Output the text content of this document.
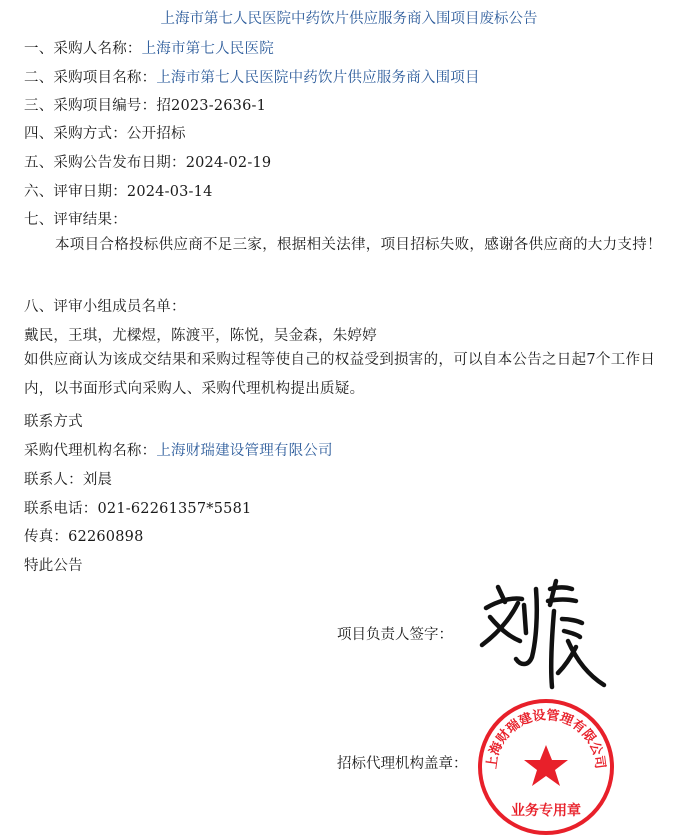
上海市第七人民医院中药饮片供应服务商入围项目废标公告
一、采购人名称：上海市第七人民医院
二、采购项目名称：上海市第七人民医院中药饮片供应服务商入围项目
三、采购项目编号：招2023-2636-1
四、采购方式：公开招标
五、采购公告发布日期：2024-02-19
六、评审日期：2024-03-14
七、评审结果：
本项目合格投标供应商不足三家，根据相关法律，项目招标失败，感谢各供应商的大力支持！
八、评审小组成员名单：
戴民，王琪，尤樑煜，陈渡平，陈悦，吴金森，朱婷婷
如供应商认为该成交结果和采购过程等使自己的权益受到损害的，可以自本公告之日起7个工作日内，以书面形式向采购人、采购代理机构提出质疑。
联系方式
采购代理机构名称：上海财瑞建设管理有限公司
联系人：刘晨
联系电话：021-62261357*5581
传真：62260898
特此公告
项目负责人签字：
招标代理机构盖章： 上海财瑞建设管理有限公司
业务专用章
